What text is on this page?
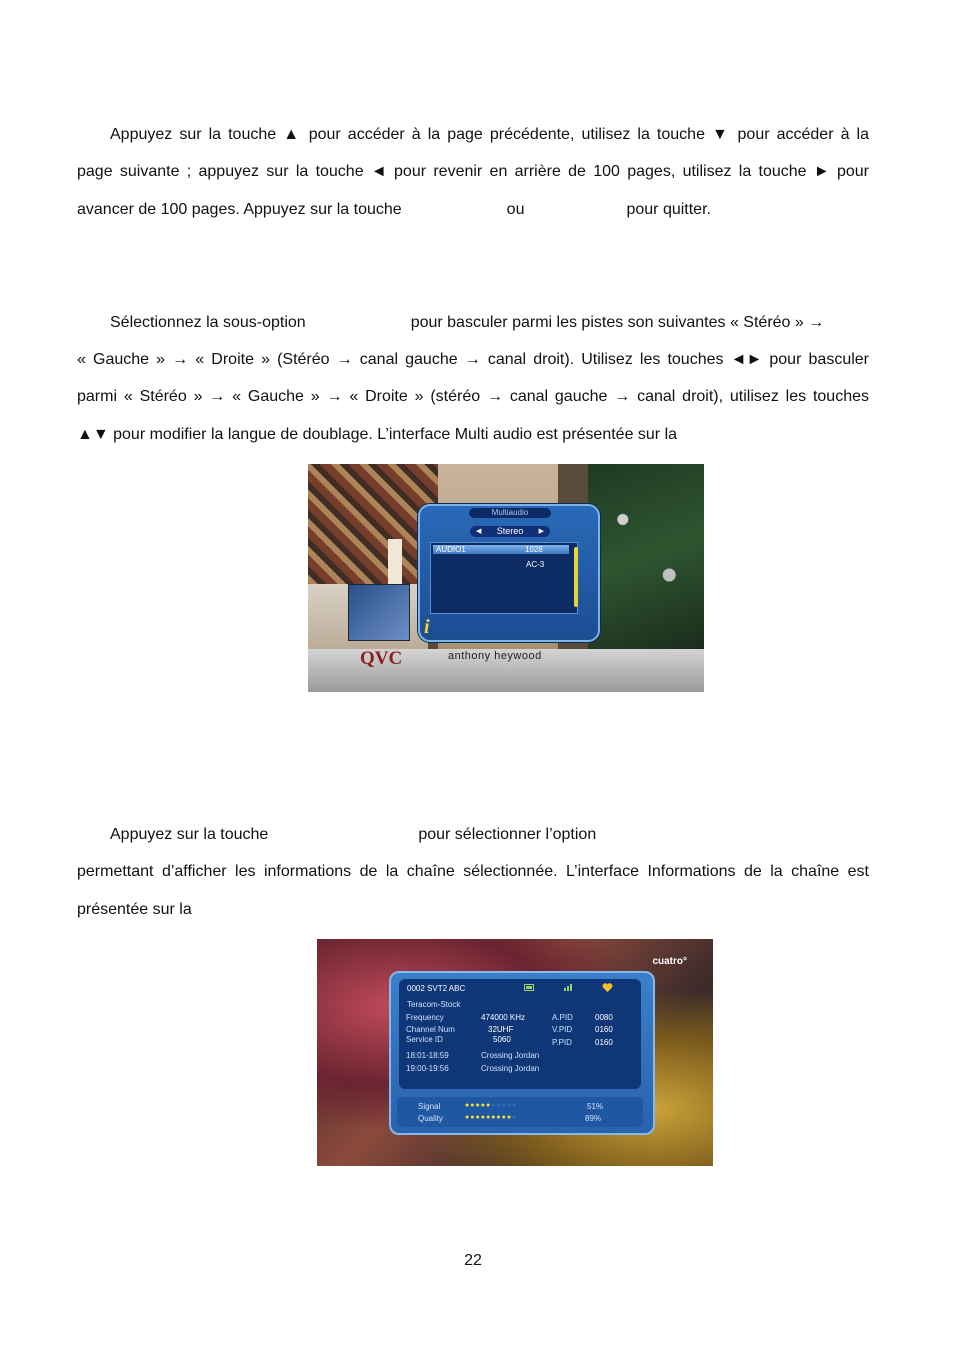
Appuyez sur la touche ▲ pour accéder à la page précédente, utilisez la touche ▼ pour accéder à la
page suivante ; appuyez sur la touche ◄ pour revenir en arrière de 100 pages, utilisez la touche ► pour
avancer de 100 pages. Appuyez sur la touche	ou	pour quitter.
Sélectionnez la sous-option	pour basculer parmi les pistes son suivantes « Stéréo » →
« Gauche » → « Droite » (Stéréo → canal gauche → canal droit). Utilisez les touches ◄► pour basculer
parmi « Stéréo » → « Gauche » → « Droite » (stéréo → canal gauche → canal droit), utilisez les touches
▲▼ pour modifier la langue de doublage. L’interface Multi audio est présentée sur la
QVC	anthony heywood
Multiaudio
◀ Stereo ▶
AUDIO1	1028
AC-3
i
Appuyez sur la touche	pour sélectionner l’option
permettant d’afficher les informations de la chaîne sélectionnée. L’interface Informations de la chaîne est
présentée sur la
cuatro°
0002 SVT2 ABC
Teracom-Stock
Frequency	474000 KHz	A.PID	0080
Channel Num	32UHF	V.PID	0160
Service ID	5060	P.PID	0160
18:01-18:59	Crossing Jordan
19:00-19:56	Crossing Jordan
Signal	●●●●●●●●●●	51%
Quality	●●●●●●●●●●	89%
22
